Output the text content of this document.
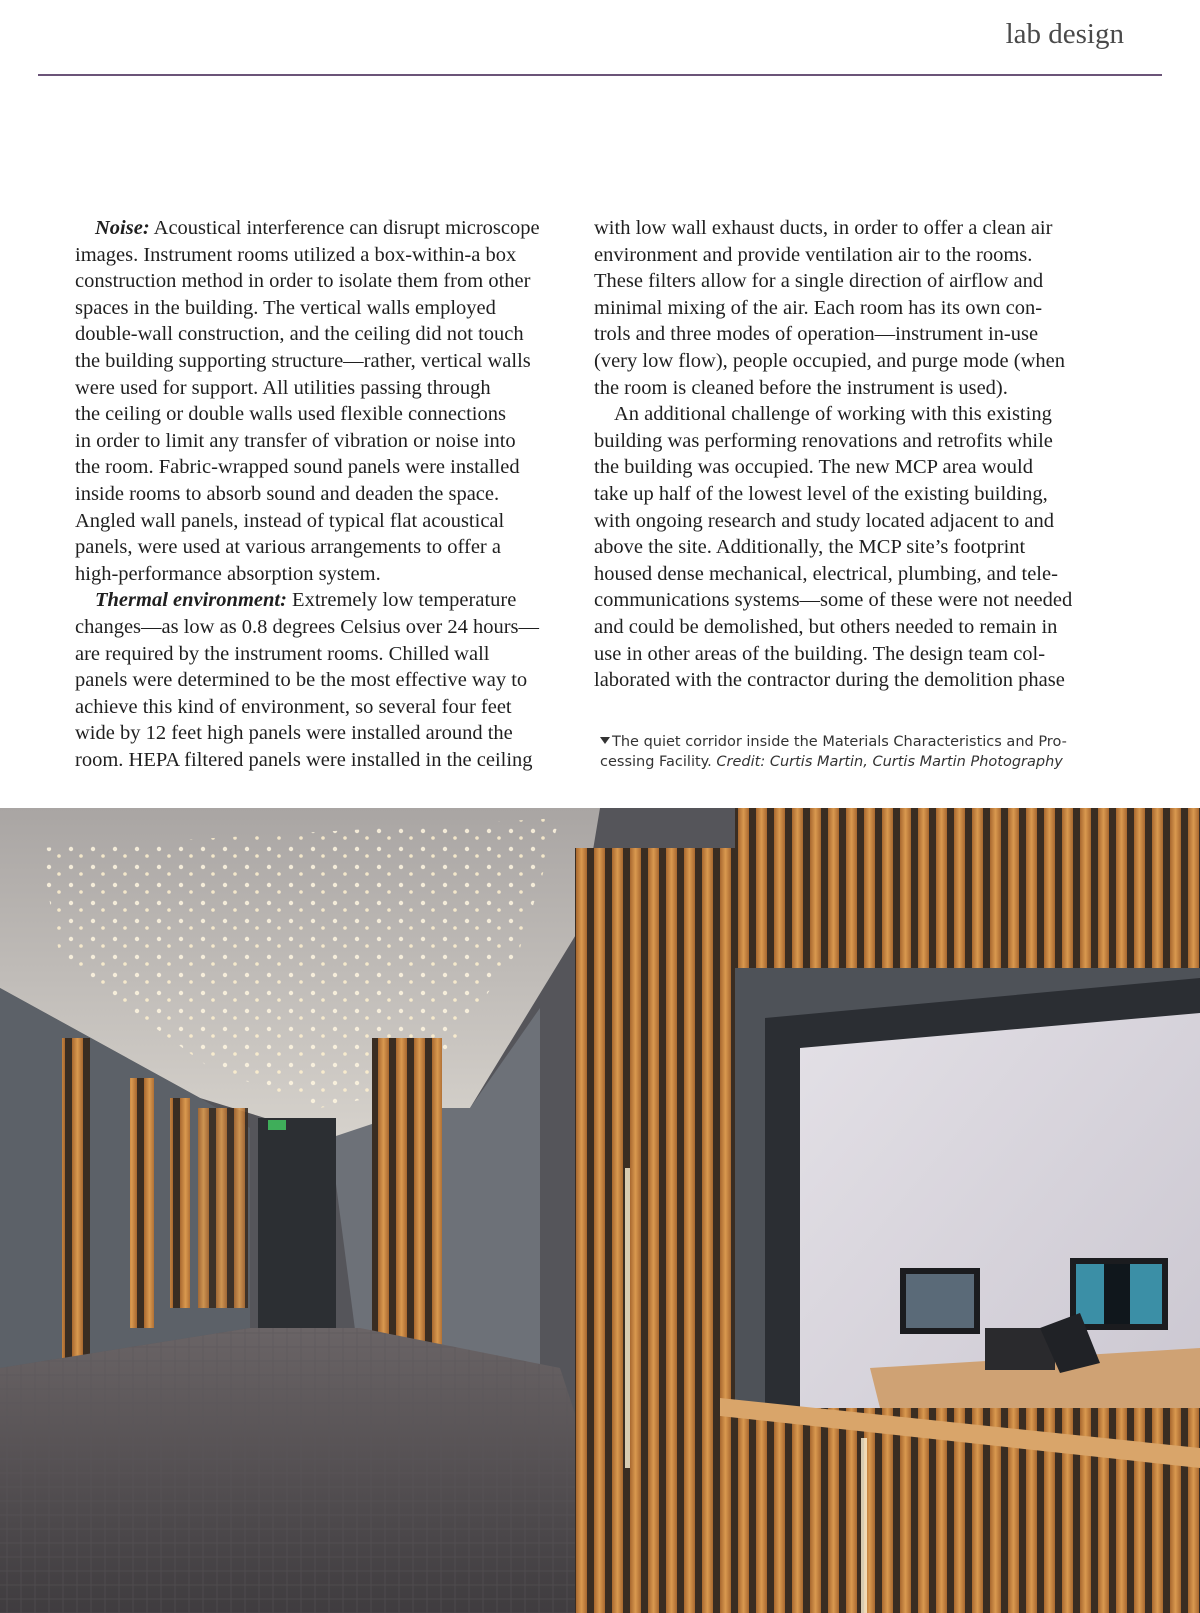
lab design
Noise: Acoustical interference can disrupt microscope
images. Instrument rooms utilized a box-within-a box
construction method in order to isolate them from other
spaces in the building. The vertical walls employed
double-wall construction, and the ceiling did not touch
the building supporting structure—rather, vertical walls
were used for support. All utilities passing through
the ceiling or double walls used flexible connections
in order to limit any transfer of vibration or noise into
the room. Fabric-wrapped sound panels were installed
inside rooms to absorb sound and deaden the space.
Angled wall panels, instead of typical flat acoustical
panels, were used at various arrangements to offer a
high-performance absorption system.
Thermal environment: Extremely low temperature
changes—as low as 0.8 degrees Celsius over 24 hours—
are required by the instrument rooms. Chilled wall
panels were determined to be the most effective way to
achieve this kind of environment, so several four feet
wide by 12 feet high panels were installed around the
room. HEPA filtered panels were installed in the ceiling
with low wall exhaust ducts, in order to offer a clean air
environment and provide ventilation air to the rooms.
These filters allow for a single direction of airflow and
minimal mixing of the air. Each room has its own con-
trols and three modes of operation—instrument in-use
(very low flow), people occupied, and purge mode (when
the room is cleaned before the instrument is used).
An additional challenge of working with this existing
building was performing renovations and retrofits while
the building was occupied. The new MCP area would
take up half of the lowest level of the existing building,
with ongoing research and study located adjacent to and
above the site. Additionally, the MCP site’s footprint
housed dense mechanical, electrical, plumbing, and tele-
communications systems—some of these were not needed
and could be demolished, but others needed to remain in
use in other areas of the building. The design team col-
laborated with the contractor during the demolition phase
The quiet corridor inside the Materials Characteristics and Pro-
cessing Facility. Credit: Curtis Martin, Curtis Martin Photography
